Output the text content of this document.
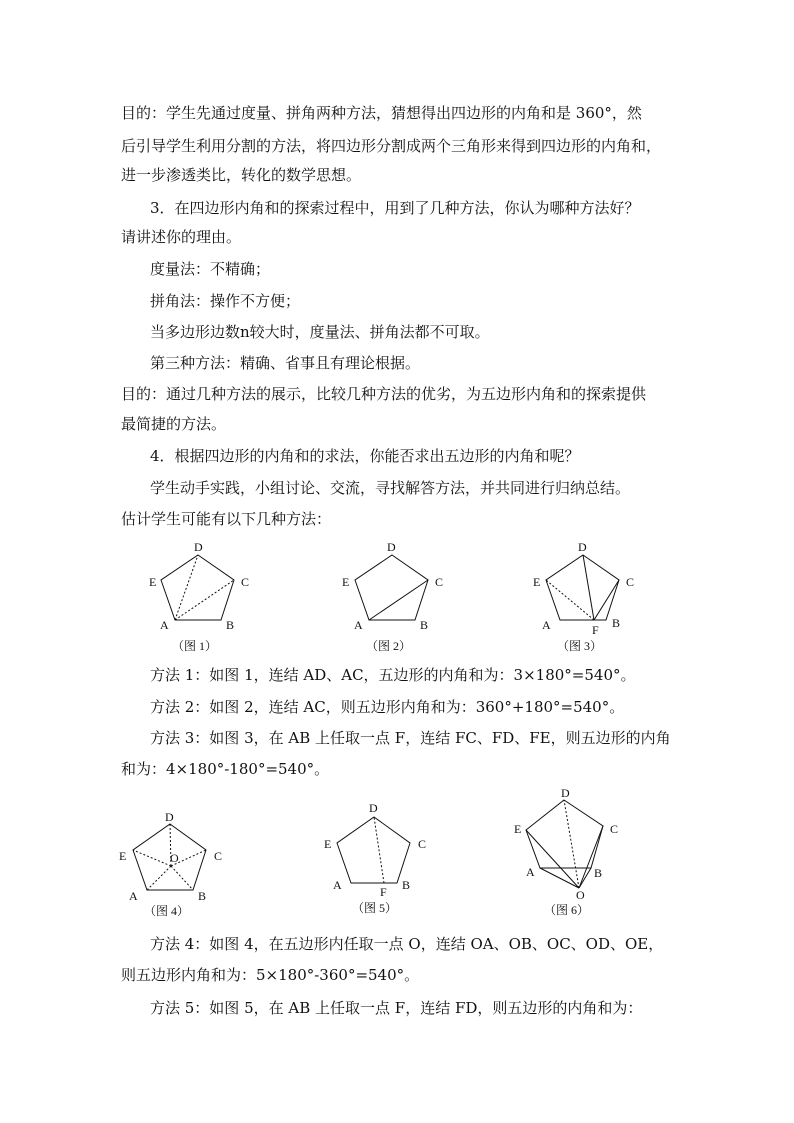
目的：学生先通过度量、拼角两种方法，猜想得出四边形的内角和是 360°，然
后引导学生利用分割的方法，将四边形分割成两个三角形来得到四边形的内角和，
进一步渗透类比，转化的数学思想。
3．在四边形内角和的探索过程中，用到了几种方法，你认为哪种方法好？
请讲述你的理由。
度量法：不精确；
拼角法：操作不方便；
当多边形边数n较大时，度量法、拼角法都不可取。
第三种方法：精确、省事且有理论根据。
目的：通过几种方法的展示，比较几种方法的优劣，为五边形内角和的探索提供
最简捷的方法。
4．根据四边形的内角和的求法，你能否求出五边形的内角和呢？
学生动手实践，小组讨论、交流，寻找解答方法，并共同进行归纳总结。
估计学生可能有以下几种方法：
方法 1：如图 1，连结 AD、AC，五边形的内角和为：3×180°=540°。
方法 2：如图 2，连结 AC，则五边形内角和为：360°+180°=540°。
方法 3：如图 3，在 AB 上任取一点 F，连结 FC、FD、FE，则五边形的内角
和为：4×180°-180°=540°。
方法 4：如图 4，在五边形内任取一点 O，连结 OA、OB、OC、OD、OE，
则五边形内角和为：5×180°-360°=540°。
方法 5：如图 5，在 AB 上任取一点 F，连结 FD，则五边形的内角和为：
D
C
B
A
E
（图 1）
D
C
B
A
E
（图 2）
D
C
B
A
E
F
（图 3）
D
C
B
A
E	O
（图 4）
D
C
B
A
E
F
（图 5）
D
C
B
A
E
O
（图 6）
